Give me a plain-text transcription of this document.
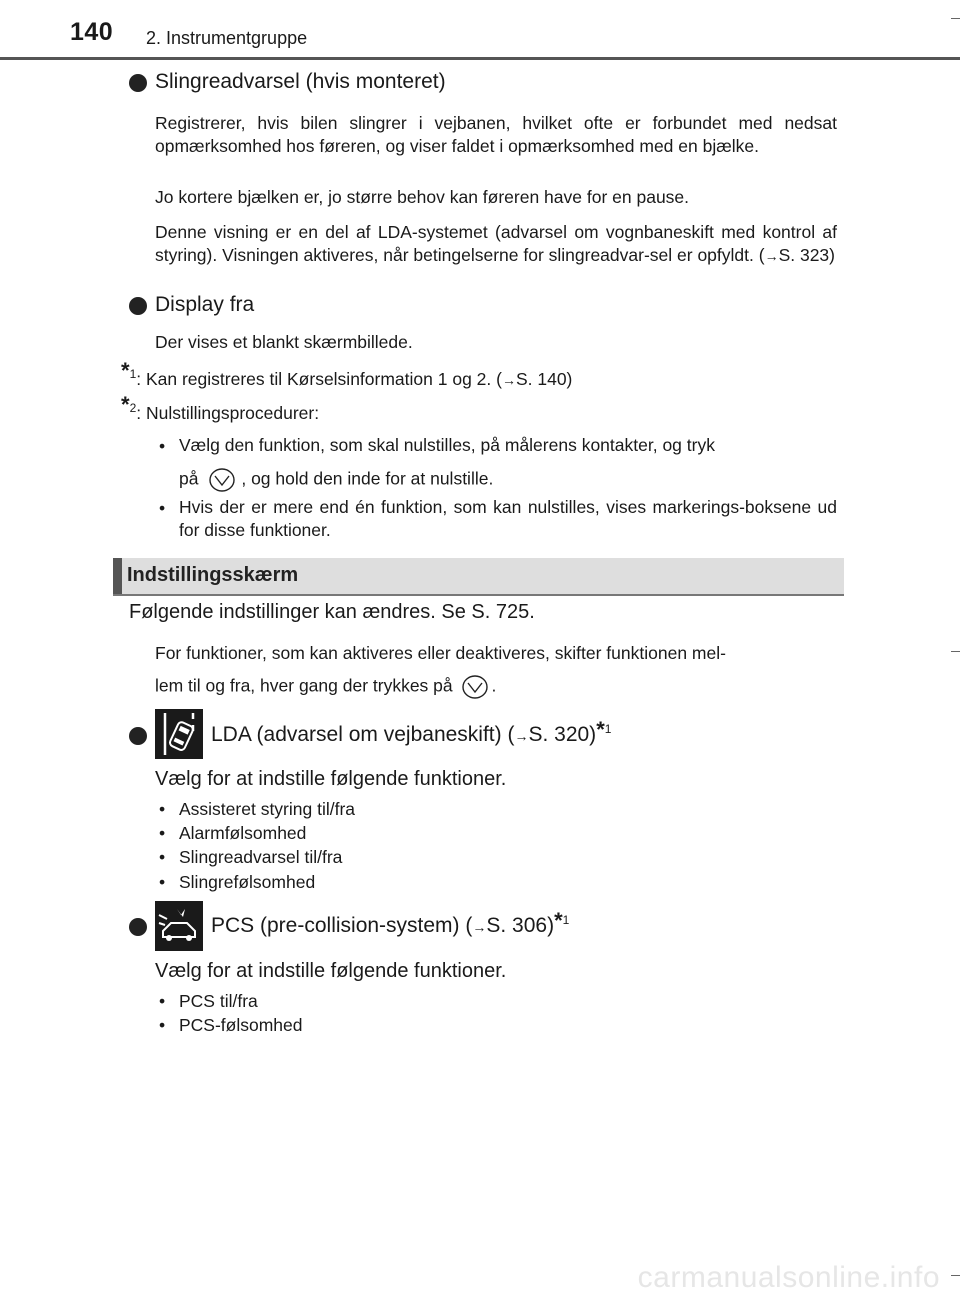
140 2. Instrumentgruppe
Slingreadvarsel (hvis monteret)
Registrerer, hvis bilen slingrer i vejbanen, hvilket ofte er forbundet med nedsat opmærksomhed hos føreren, og viser faldet i opmærksomhed med en bjælke.
Jo kortere bjælken er, jo større behov kan føreren have for en pause.
Denne visning er en del af LDA-systemet (advarsel om vognbaneskift med kontrol af styring). Visningen aktiveres, når betingelserne for slingreadvar-sel er opfyldt. (→S. 323)
Display fra
Der vises et blankt skærmbillede.
*$^1$: Kan registreres til Kørselsinformation 1 og 2. (→S. 140)
*$^2$: Nulstillingsprocedurer:
• Vælg den funktion, som skal nulstilles, på målerens kontakter, og tryk
på , og hold den inde for at nulstille.
• Hvis der er mere end én funktion, som kan nulstilles, vises markerings-boksene ud for disse funktioner.
Indstillingsskærm
Følgende indstillinger kan ændres. Se S. 725.
For funktioner, som kan aktiveres eller deaktiveres, skifter funktionen mel-
lem til og fra, hver gang der trykkes på .
LDA (advarsel om vejbaneskift) (→S. 320)*$^1$
Vælg for at indstille følgende funktioner.
• Assisteret styring til/fra
• Alarmfølsomhed
• Slingreadvarsel til/fra
• Slingrefølsomhed
PCS (pre-collision-system) (→S. 306)*$^1$
Vælg for at indstille følgende funktioner.
• PCS til/fra
• PCS-følsomhed
carmanualsonline.info
